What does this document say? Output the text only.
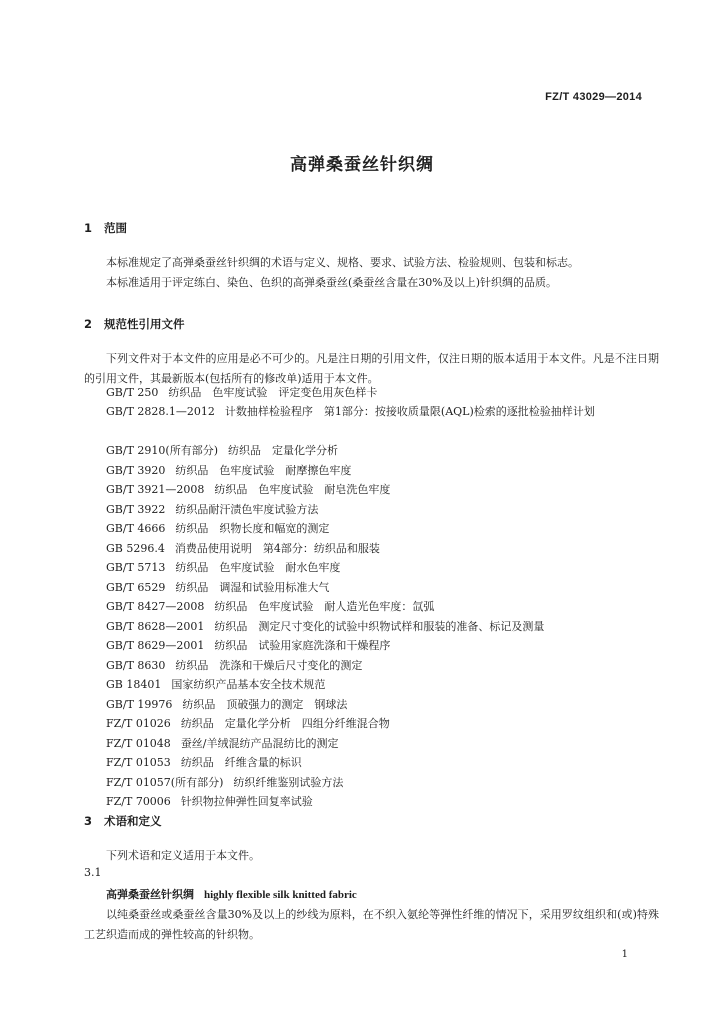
FZ/T 43029—2014
高弹桑蚕丝针织绸
1 范围

本标准规定了高弹桑蚕丝针织绸的术语与定义、规格、要求、试验方法、检验规则、包装和标志。

本标准适用于评定练白、染色、色织的高弹桑蚕丝(桑蚕丝含量在30%及以上)针织绸的品质。

2 规范性引用文件

下列文件对于本文件的应用是必不可少的。凡是注日期的引用文件，仅注日期的版本适用于本文件。凡是不注日期的引用文件，其最新版本(包括所有的修改单)适用于本文件。

GB/T 250 纺织品　色牢度试验　评定变色用灰色样卡

GB/T 2828.1—2012 计数抽样检验程序　第1部分：按接收质量限(AQL)检索的逐批检验抽样计划

GB/T 2910(所有部分) 纺织品　定量化学分析
GB/T 3920 纺织品　色牢度试验　耐摩擦色牢度
GB/T 3921—2008 纺织品　色牢度试验　耐皂洗色牢度
GB/T 3922 纺织品耐汗渍色牢度试验方法
GB/T 4666 纺织品　织物长度和幅宽的测定
GB 5296.4 消费品使用说明　第4部分：纺织品和服装
GB/T 5713 纺织品　色牢度试验　耐水色牢度
GB/T 6529 纺织品　调湿和试验用标准大气
GB/T 8427—2008 纺织品　色牢度试验　耐人造光色牢度：氙弧
GB/T 8628—2001 纺织品　测定尺寸变化的试验中织物试样和服装的准备、标记及测量
GB/T 8629—2001 纺织品　试验用家庭洗涤和干燥程序
GB/T 8630 纺织品　洗涤和干燥后尺寸变化的测定
GB 18401 国家纺织产品基本安全技术规范
GB/T 19976 纺织品　顶破强力的测定　钢球法
FZ/T 01026 纺织品　定量化学分析　四组分纤维混合物
FZ/T 01048 蚕丝/羊绒混纺产品混纺比的测定
FZ/T 01053 纺织品　纤维含量的标识
FZ/T 01057(所有部分) 纺织纤维鉴别试验方法
FZ/T 70006 针织物拉伸弹性回复率试验
3 术语和定义

下列术语和定义适用于本文件。

3.1
高弹桑蚕丝针织绸 highly flexible silk knitted fabric

以纯桑蚕丝或桑蚕丝含量30%及以上的纱线为原料，在不织入氨纶等弹性纤维的情况下，采用罗纹组织和(或)特殊工艺织造而成的弹性较高的针织物。

1
